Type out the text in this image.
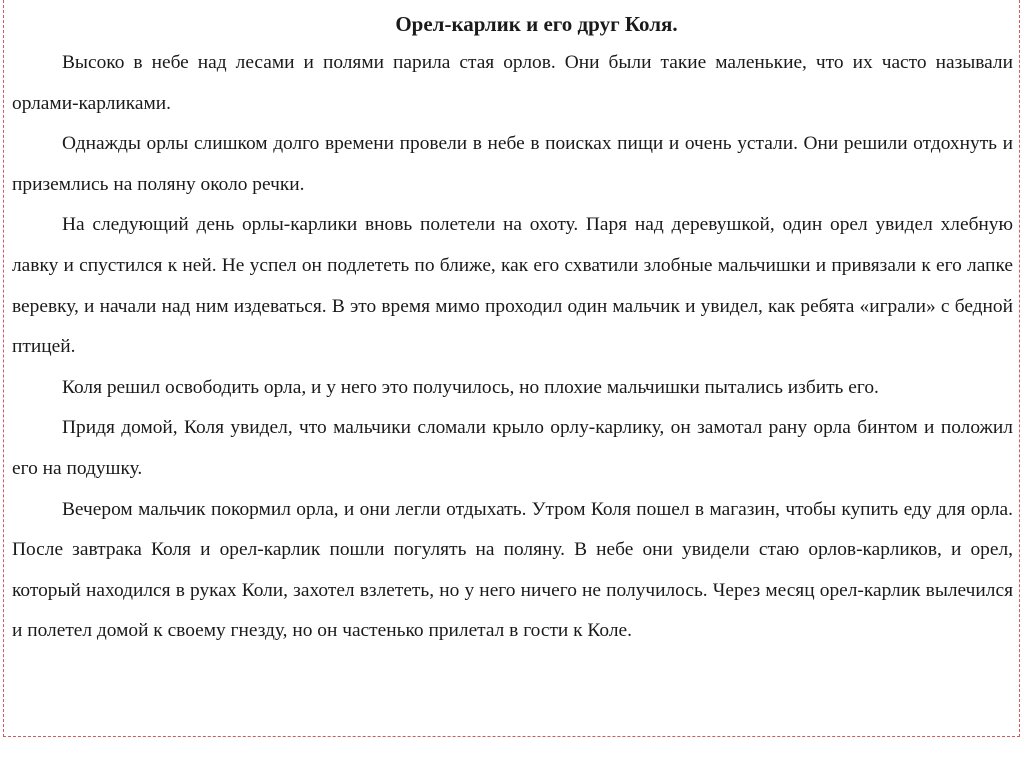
Орел-карлик и его друг Коля.

Высоко в небе над лесами и полями парила стая орлов. Они были такие маленькие, что их часто называли орлами-карликами.

Однажды орлы слишком долго времени провели в небе в поисках пищи и очень устали. Они решили отдохнуть и приземлись на поляну около речки.

На следующий день орлы-карлики вновь полетели на охоту. Паря над деревушкой, один орел увидел хлебную лавку и спустился к ней. Не успел он подлететь по ближе, как его схватили злобные мальчишки и привязали к его лапке веревку, и начали над ним издеваться. В это время мимо проходил один мальчик и увидел, как ребята «играли» с бедной птицей.

Коля решил освободить орла, и у него это получилось, но плохие мальчишки пытались избить его.

Придя домой, Коля увидел, что мальчики сломали крыло орлу-карлику, он замотал рану орла бинтом и положил его на подушку.

Вечером мальчик покормил орла, и они легли отдыхать. Утром Коля пошел в магазин, чтобы купить еду для орла. После завтрака Коля и орел-карлик пошли погулять на поляну. В небе они увидели стаю орлов-карликов, и орел, который находился в руках Коли, захотел взлететь, но у него ничего не получилось. Через месяц орел-карлик вылечился и полетел домой к своему гнезду, но он частенько прилетал в гости к Коле.
